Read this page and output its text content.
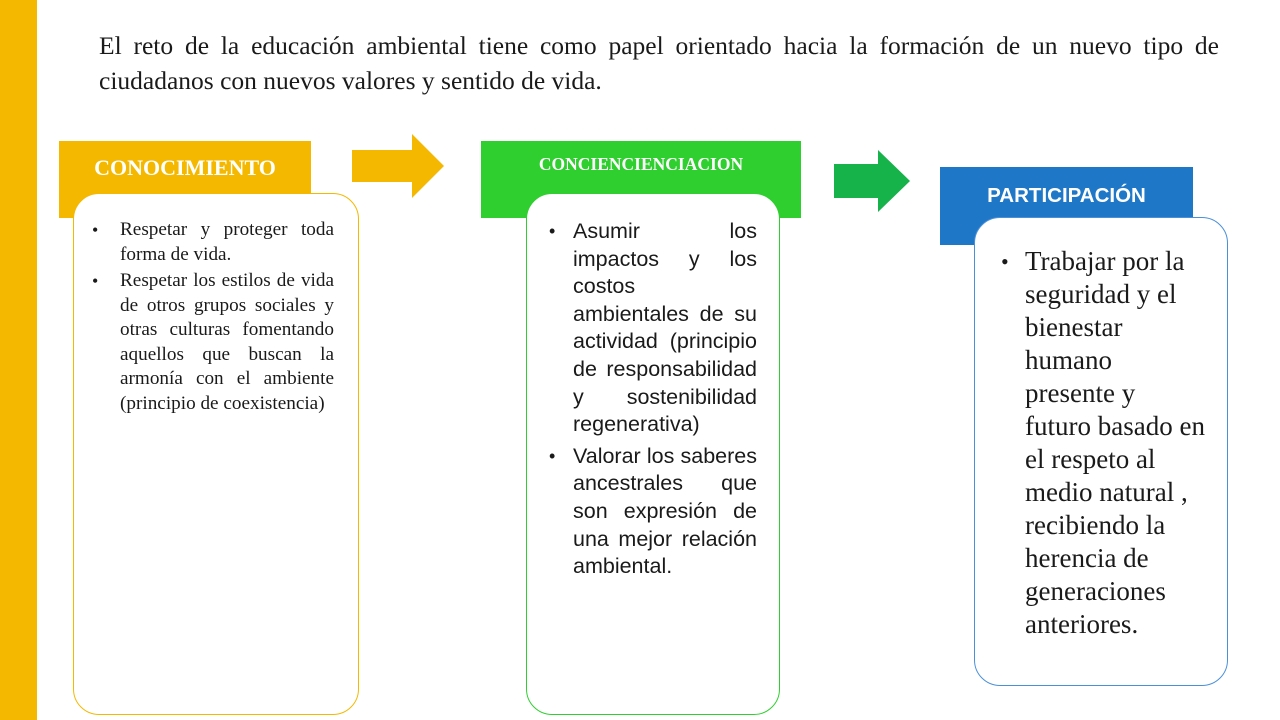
El reto de la educación ambiental tiene como papel orientado hacia la formación de un nuevo tipo de ciudadanos con nuevos valores y sentido de vida.

CONOCIMIENTO
• Respetar y proteger toda forma de vida.
• Respetar los estilos de vida de otros grupos sociales y otras culturas fomentando aquellos que buscan la armonía con el ambiente (principio de coexistencia)
CONCIENCIENCIACION
• Asumir los impactos y los costos ambientales de su actividad (principio de responsabilidad y sostenibilidad regenerativa)
• Valorar los saberes ancestrales que son expresión de una mejor relación ambiental.
PARTICIPACIÓN
• Trabajar por la seguridad y el bienestar humano presente y futuro basado en el respeto al medio natural , recibiendo la herencia de generaciones anteriores.
